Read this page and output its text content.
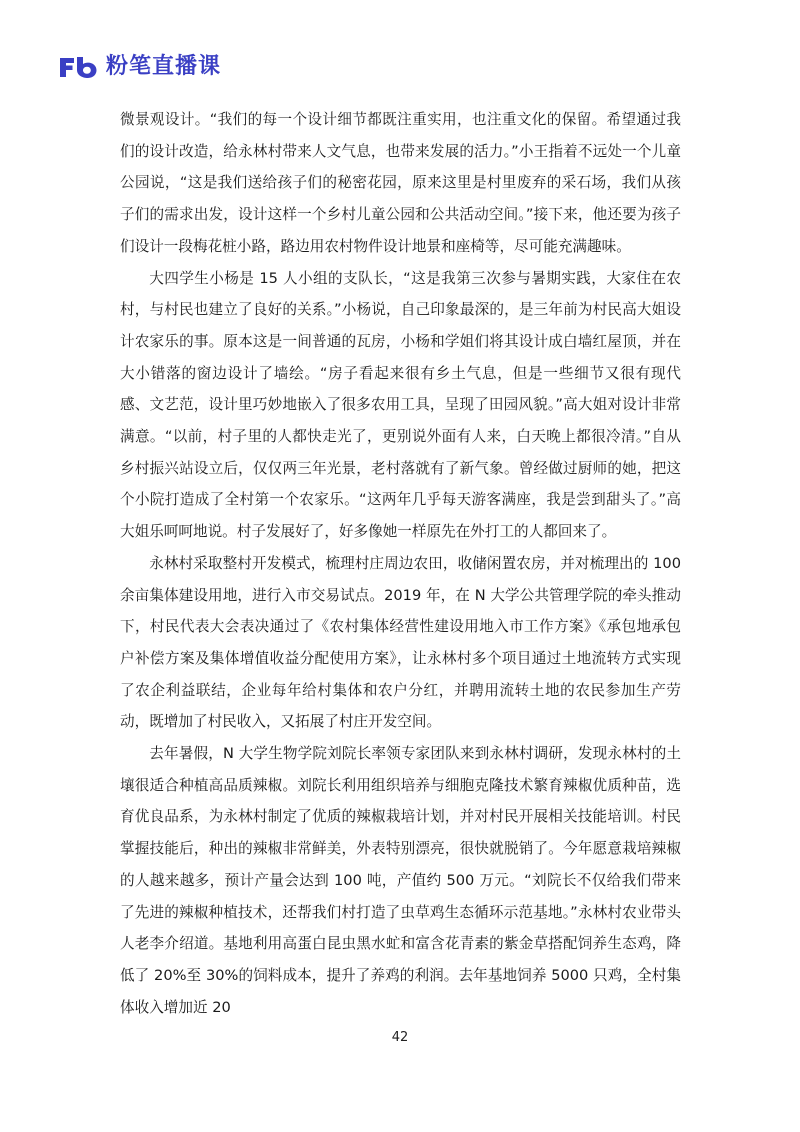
粉笔直播课

微景观设计。“我们的每一个设计细节都既注重实用，也注重文化的保留。希望通过我们的设计改造，给永林村带来人文气息，也带来发展的活力。”小王指着不远处一个儿童公园说，“这是我们送给孩子们的秘密花园，原来这里是村里废弃的采石场，我们从孩子们的需求出发，设计这样一个乡村儿童公园和公共活动空间。”接下来，他还要为孩子们设计一段梅花桩小路，路边用农村物件设计地景和座椅等，尽可能充满趣味。

大四学生小杨是 15 人小组的支队长，“这是我第三次参与暑期实践，大家住在农村，与村民也建立了良好的关系。”小杨说，自己印象最深的，是三年前为村民高大姐设计农家乐的事。原本这是一间普通的瓦房，小杨和学姐们将其设计成白墙红屋顶，并在大小错落的窗边设计了墙绘。“房子看起来很有乡土气息，但是一些细节又很有现代感、文艺范，设计里巧妙地嵌入了很多农用工具，呈现了田园风貌。”高大姐对设计非常满意。“以前，村子里的人都快走光了，更别说外面有人来，白天晚上都很冷清。”自从乡村振兴站设立后，仅仅两三年光景，老村落就有了新气象。曾经做过厨师的她，把这个小院打造成了全村第一个农家乐。“这两年几乎每天游客满座，我是尝到甜头了。”高大姐乐呵呵地说。村子发展好了，好多像她一样原先在外打工的人都回来了。

永林村采取整村开发模式，梳理村庄周边农田，收储闲置农房，并对梳理出的 100 余亩集体建设用地，进行入市交易试点。2019 年，在 N 大学公共管理学院的牵头推动下，村民代表大会表决通过了《农村集体经营性建设用地入市工作方案》《承包地承包户补偿方案及集体增值收益分配使用方案》，让永林村多个项目通过土地流转方式实现了农企利益联结，企业每年给村集体和农户分红，并聘用流转土地的农民参加生产劳动，既增加了村民收入，又拓展了村庄开发空间。

去年暑假，N 大学生物学院刘院长率领专家团队来到永林村调研，发现永林村的土壤很适合种植高品质辣椒。刘院长利用组织培养与细胞克隆技术繁育辣椒优质种苗，选育优良品系，为永林村制定了优质的辣椒栽培计划，并对村民开展相关技能培训。村民掌握技能后，种出的辣椒非常鲜美，外表特别漂亮，很快就脱销了。今年愿意栽培辣椒的人越来越多，预计产量会达到 100 吨，产值约 500 万元。“刘院长不仅给我们带来了先进的辣椒种植技术，还帮我们村打造了虫草鸡生态循环示范基地。”永林村农业带头人老李介绍道。基地利用高蛋白昆虫黑水虻和富含花青素的紫金草搭配饲养生态鸡，降低了 20%至 30%的饲料成本，提升了养鸡的利润。去年基地饲养 5000 只鸡，全村集体收入增加近 20

42
